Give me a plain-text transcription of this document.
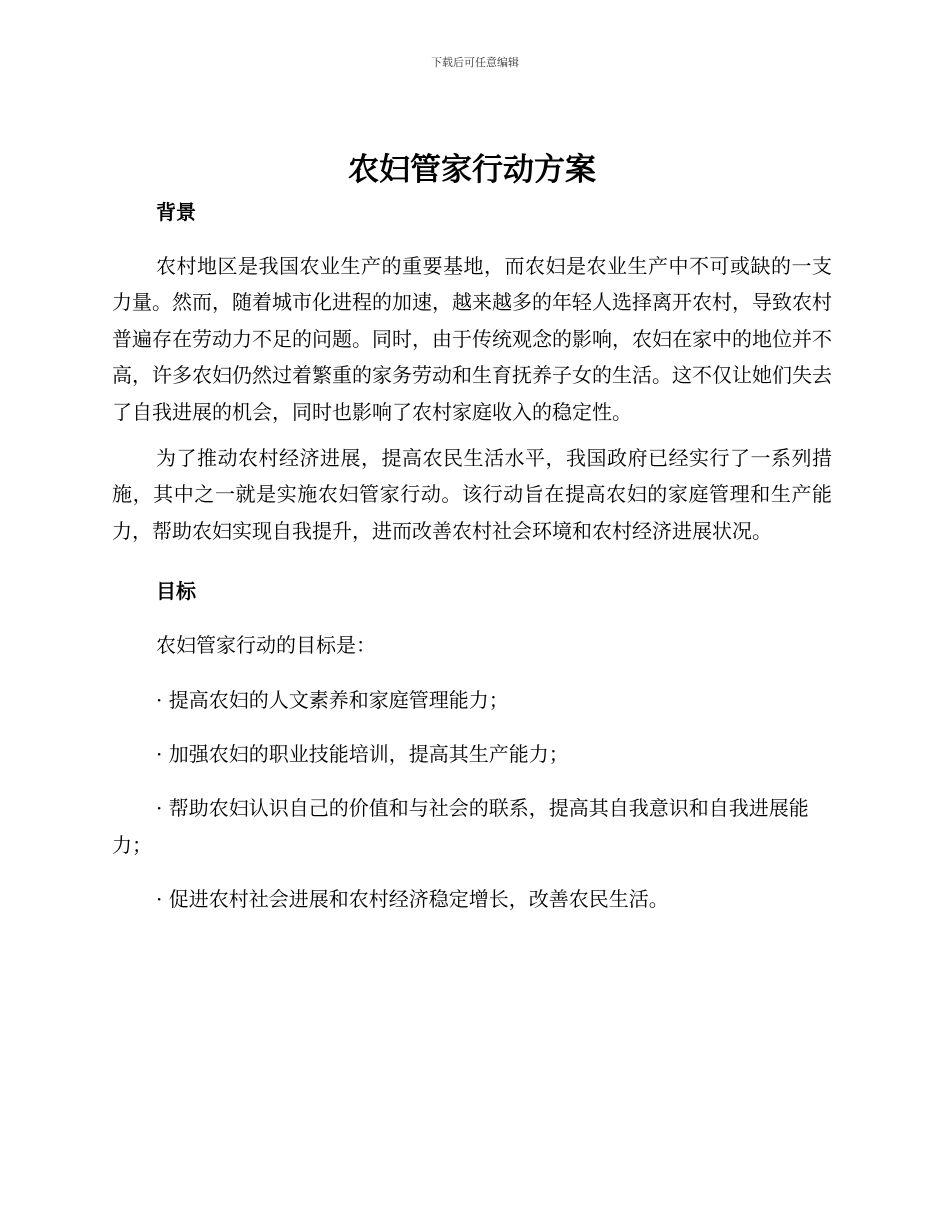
下载后可任意编辑
农妇管家行动方案
背景

农村地区是我国农业生产的重要基地，而农妇是农业生产中不可或缺的一支力量。然而，随着城市化进程的加速，越来越多的年轻人选择离开农村，导致农村普遍存在劳动力不足的问题。同时，由于传统观念的影响，农妇在家中的地位并不高，许多农妇仍然过着繁重的家务劳动和生育抚养子女的生活。这不仅让她们失去了自我进展的机会，同时也影响了农村家庭收入的稳定性。

为了推动农村经济进展，提高农民生活水平，我国政府已经实行了一系列措施，其中之一就是实施农妇管家行动。该行动旨在提高农妇的家庭管理和生产能力，帮助农妇实现自我提升，进而改善农村社会环境和农村经济进展状况。

目标

农妇管家行动的目标是：

· 提高农妇的人文素养和家庭管理能力；

· 加强农妇的职业技能培训，提高其生产能力；

· 帮助农妇认识自己的价值和与社会的联系，提高其自我意识和自我进展能力；

· 促进农村社会进展和农村经济稳定增长，改善农民生活。
